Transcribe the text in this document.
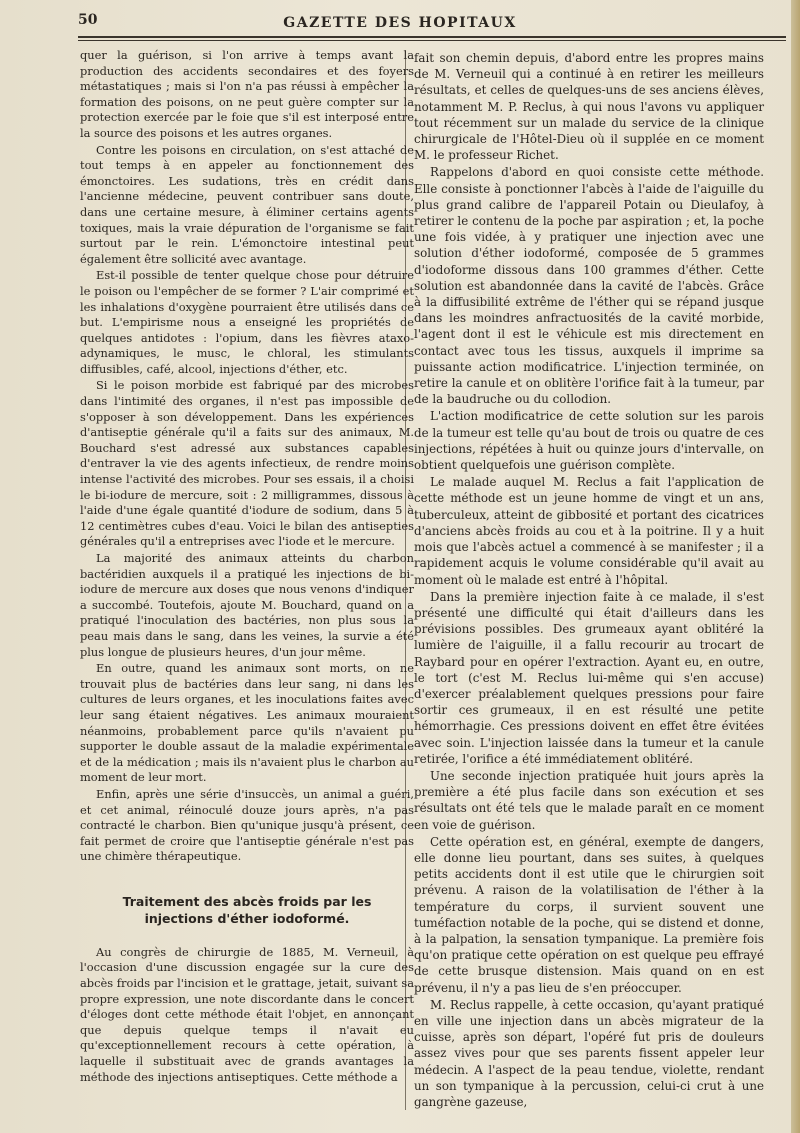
50	GAZETTE DES HOPITAUX

quer la guérison, si l'on arrive à temps avant la production des accidents secondaires et des foyers métastatiques ; mais si l'on n'a pas réussi à empêcher la formation des poisons, on ne peut guère compter sur la protection exercée par le foie que s'il est interposé entre la source des poisons et les autres organes.

Contre les poisons en circulation, on s'est attaché de tout temps à en appeler au fonctionnement des émonctoires. Les sudations, très en crédit dans l'ancienne médecine, peuvent contribuer sans doute, dans une certaine mesure, à éliminer certains agents toxiques, mais la vraie dépuration de l'organisme se fait surtout par le rein. L'émonctoire intestinal peut également être sollicité avec avantage.

Est-il possible de tenter quelque chose pour détruire le poison ou l'empêcher de se former ? L'air comprimé et les inhalations d'oxygène pourraient être utilisés dans ce but. L'empirisme nous a enseigné les propriétés de quelques antidotes : l'opium, dans les fièvres ataxo-adynamiques, le musc, le chloral, les stimulants diffusibles, café, alcool, injections d'éther, etc.

Si le poison morbide est fabriqué par des microbes dans l'intimité des organes, il n'est pas impossible de s'opposer à son développement. Dans les expériences d'antiseptie générale qu'il a faits sur des animaux, M. Bouchard s'est adressé aux substances capables d'entraver la vie des agents infectieux, de rendre moins intense l'activité des microbes. Pour ses essais, il a choisi le bi-iodure de mercure, soit : 2 milligrammes, dissous à l'aide d'une égale quantité d'iodure de sodium, dans 5 à 12 centimètres cubes d'eau. Voici le bilan des antisepties générales qu'il a entreprises avec l'iode et le mercure.

La majorité des animaux atteints du charbon bactéridien auxquels il a pratiqué les injections de bi-iodure de mercure aux doses que nous venons d'indiquer a succombé. Toutefois, ajoute M. Bouchard, quand on a pratiqué l'inoculation des bactéries, non plus sous la peau mais dans le sang, dans les veines, la survie a été plus longue de plusieurs heures, d'un jour même.

En outre, quand les animaux sont morts, on ne trouvait plus de bactéries dans leur sang, ni dans les cultures de leurs organes, et les inoculations faites avec leur sang étaient négatives. Les animaux mouraient néanmoins, probablement parce qu'ils n'avaient pu supporter le double assaut de la maladie expérimentale et de la médication ; mais ils n'avaient plus le charbon au moment de leur mort.

Enfin, après une série d'insuccès, un animal a guéri, et cet animal, réinoculé douze jours après, n'a pas contracté le charbon. Bien qu'unique jusqu'à présent, ce fait permet de croire que l'antiseptie générale n'est pas une chimère thérapeutique.

Traitement des abcès froids par les injections d'éther iodoformé.

Au congrès de chirurgie de 1885, M. Verneuil, à l'occasion d'une discussion engagée sur la cure des abcès froids par l'incision et le grattage, jetait, suivant sa propre expression, une note discordante dans le concert d'éloges dont cette méthode était l'objet, en annonçant que depuis quelque temps il n'avait eu qu'exceptionnellement recours à cette opération, à laquelle il substituait avec de grands avantages la méthode des injections antiseptiques. Cette méthode a

fait son chemin depuis, d'abord entre les propres mains de M. Verneuil qui a continué à en retirer les meilleurs résultats, et celles de quelques-uns de ses anciens élèves, notamment M. P. Reclus, à qui nous l'avons vu appliquer tout récemment sur un malade du service de la clinique chirurgicale de l'Hôtel-Dieu où il supplée en ce moment M. le professeur Richet.

Rappelons d'abord en quoi consiste cette méthode. Elle consiste à ponctionner l'abcès à l'aide de l'aiguille du plus grand calibre de l'appareil Potain ou Dieulafoy, à retirer le contenu de la poche par aspiration ; et, la poche une fois vidée, à y pratiquer une injection avec une solution d'éther iodoformé, composée de 5 grammes d'iodoforme dissous dans 100 grammes d'éther. Cette solution est abandonnée dans la cavité de l'abcès. Grâce à la diffusibilité extrême de l'éther qui se répand jusque dans les moindres anfractuosités de la cavité morbide, l'agent dont il est le véhicule est mis directement en contact avec tous les tissus, auxquels il imprime sa puissante action modificatrice. L'injection terminée, on retire la canule et on oblitère l'orifice fait à la tumeur, par de la baudruche ou du collodion.

L'action modificatrice de cette solution sur les parois de la tumeur est telle qu'au bout de trois ou quatre de ces injections, répétées à huit ou quinze jours d'intervalle, on obtient quelquefois une guérison complète.

Le malade auquel M. Reclus a fait l'application de cette méthode est un jeune homme de vingt et un ans, tuberculeux, atteint de gibbosité et portant des cicatrices d'anciens abcès froids au cou et à la poitrine. Il y a huit mois que l'abcès actuel a commencé à se manifester ; il a rapidement acquis le volume considérable qu'il avait au moment où le malade est entré à l'hôpital.

Dans la première injection faite à ce malade, il s'est présenté une difficulté qui était d'ailleurs dans les prévisions possibles. Des grumeaux ayant oblitéré la lumière de l'aiguille, il a fallu recourir au trocart de Raybard pour en opérer l'extraction. Ayant eu, en outre, le tort (c'est M. Reclus lui-même qui s'en accuse) d'exercer préalablement quelques pressions pour faire sortir ces grumeaux, il en est résulté une petite hémorrhagie. Ces pressions doivent en effet être évitées avec soin. L'injection laissée dans la tumeur et la canule retirée, l'orifice a été immédiatement oblitéré.

Une seconde injection pratiquée huit jours après la première a été plus facile dans son exécution et ses résultats ont été tels que le malade paraît en ce moment en voie de guérison.

Cette opération est, en général, exempte de dangers, elle donne lieu pourtant, dans ses suites, à quelques petits accidents dont il est utile que le chirurgien soit prévenu. A raison de la volatilisation de l'éther à la température du corps, il survient souvent une tuméfaction notable de la poche, qui se distend et donne, à la palpation, la sensation tympanique. La première fois qu'on pratique cette opération on est quelque peu effrayé de cette brusque distension. Mais quand on en est prévenu, il n'y a pas lieu de s'en préoccuper.

M. Reclus rappelle, à cette occasion, qu'ayant pratiqué en ville une injection dans un abcès migrateur de la cuisse, après son départ, l'opéré fut pris de douleurs assez vives pour que ses parents fissent appeler leur médecin. A l'aspect de la peau tendue, violette, rendant un son tympanique à la percussion, celui-ci crut à une gangrène gazeuse,
